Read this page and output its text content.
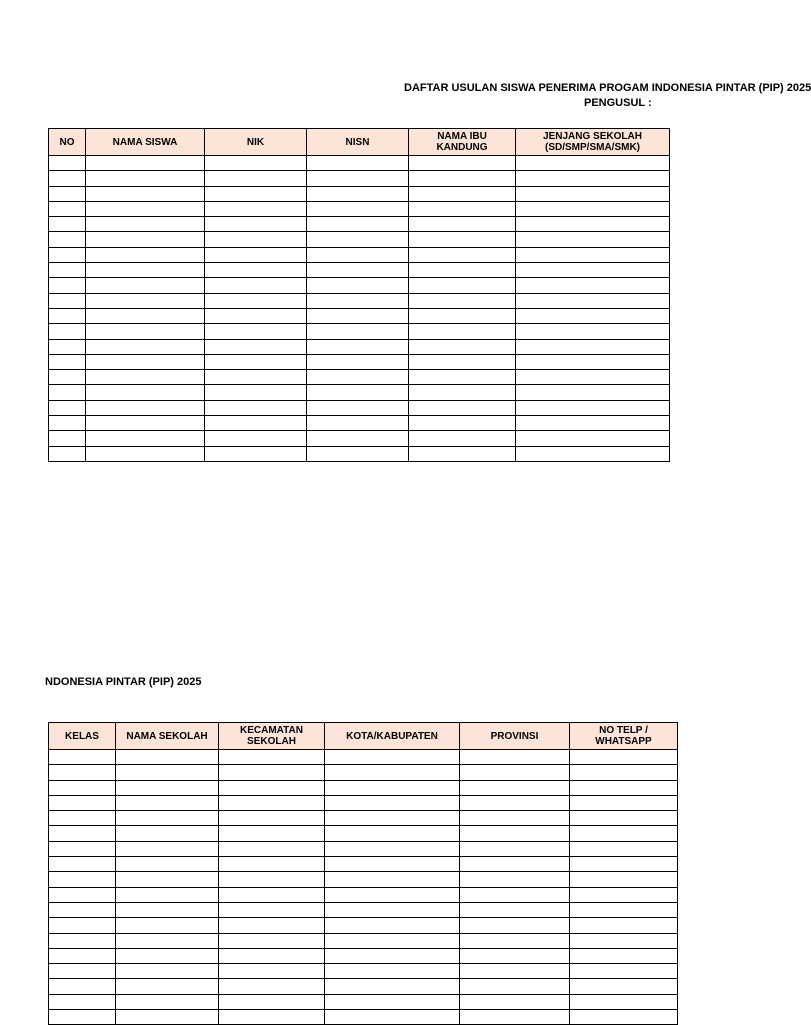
DAFTAR USULAN SISWA PENERIMA PROGAM INDONESIA PINTAR (PIP) 2025
PENGUSUL :
NO	NAMA SISWA	NIK	NISN	NAMA IBU KANDUNG	JENJANG SEKOLAH (SD/SMP/SMA/SMK)

NDONESIA PINTAR (PIP) 2025
KELAS	NAMA SEKOLAH	KECAMATAN SEKOLAH	KOTA/KABUPATEN	PROVINSI	NO TELP / WHATSAPP
